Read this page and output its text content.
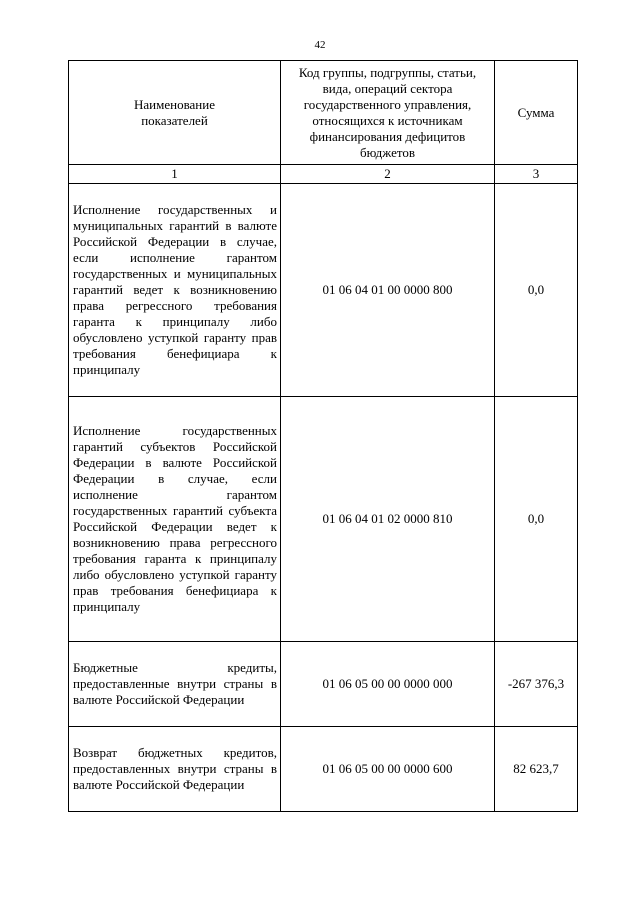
42
Наименование показателей	Код группы, подгруппы, статьи, вида, операций сектора государственного управления, относящихся к источникам финансирования дефицитов бюджетов	Сумма

1	2	3
Исполнение государственных и муниципальных гарантий в валюте Российской Федерации в случае, если исполнение гарантом государственных и муниципальных гарантий ведет к возникновению права регрессного требования гаранта к принципалу либо обусловлено уступкой гаранту прав требования бенефициара к принципалу	01 06 04 01 00 0000 800	0,0
Исполнение государственных гарантий субъектов Российской Федерации в валюте Российской Федерации в случае, если исполнение гарантом государственных гарантий субъекта Российской Федерации ведет к возникновению права регрессного требования гаранта к принципалу либо обусловлено уступкой гаранту прав требования бенефициара к принципалу	01 06 04 01 02 0000 810	0,0
Бюджетные кредиты, предоставленные внутри страны в валюте Российской Федерации	01 06 05 00 00 0000 000	-267 376,3
Возврат бюджетных кредитов, предоставленных внутри страны в валюте Российской Федерации	01 06 05 00 00 0000 600	82 623,7
